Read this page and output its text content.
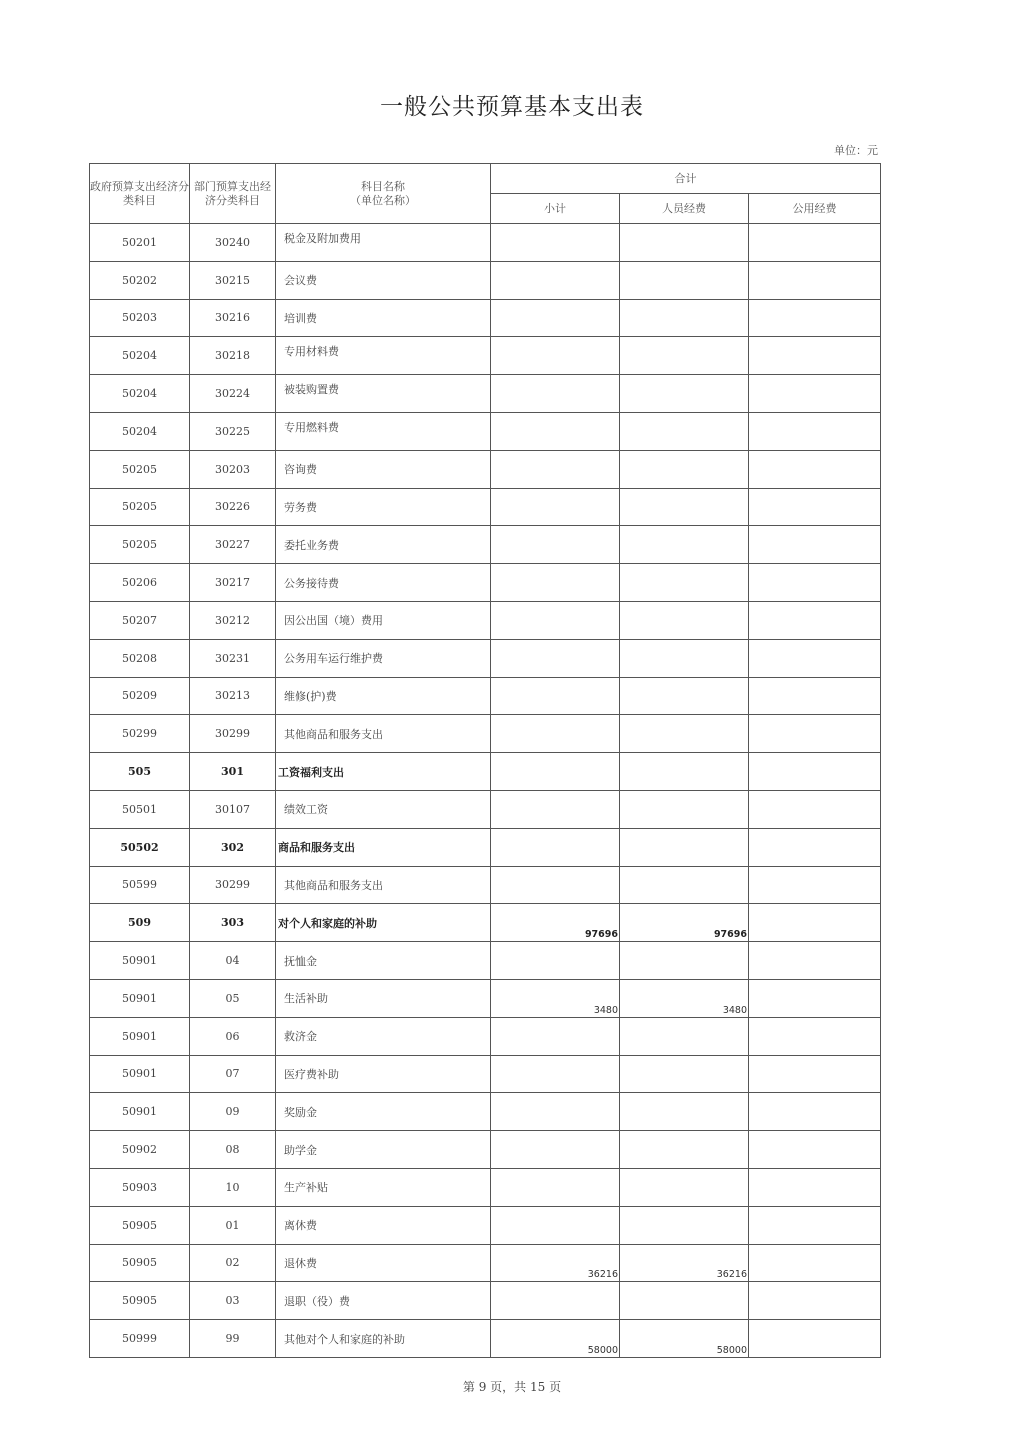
一般公共预算基本支出表
单位：元
政府预算支出经济分类科目	部门预算支出经济分类科目	科目名称
（单位名称）	合计		
			小计	人员经费	公用经费
50201	30240	税金及附加费用			
50202	30215	会议费			
50203	30216	培训费			
50204	30218	专用材料费			
50204	30224	被装购置费			
50204	30225	专用燃料费			
50205	30203	咨询费			
50205	30226	劳务费			
50205	30227	委托业务费			
50206	30217	公务接待费			
50207	30212	因公出国（境）费用			
50208	30231	公务用车运行维护费			
50209	30213	维修(护)费			
50299	30299	其他商品和服务支出			
505	301	工资福利支出			
50501	30107	绩效工资			
50502	302	商品和服务支出			
50599	30299	其他商品和服务支出			
509	303	对个人和家庭的补助	97696	97696	
50901	04	抚恤金			
50901	05	生活补助	3480	3480	
50901	06	救济金			
50901	07	医疗费补助			
50901	09	奖励金			
50902	08	助学金			
50903	10	生产补贴			
50905	01	离休费			
50905	02	退休费	36216	36216	
50905	03	退职（役）费			
50999	99	其他对个人和家庭的补助	58000	58000	
第 9 页，共 15 页
